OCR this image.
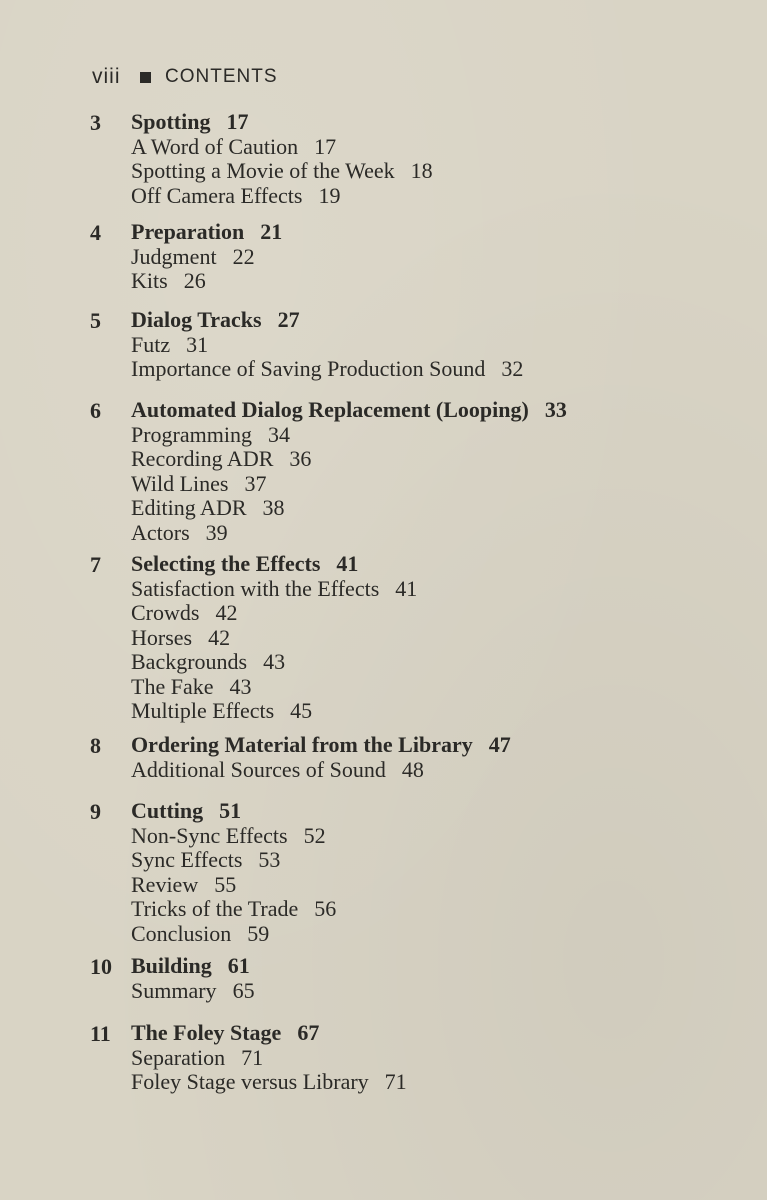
viii	CONTENTS
3	Spotting 17
A Word of Caution 17
Spotting a Movie of the Week 18
Off Camera Effects 19
4	Preparation 21
Judgment 22
Kits 26
5	Dialog Tracks 27
Futz 31
Importance of Saving Production Sound 32
6	Automated Dialog Replacement (Looping) 33
Programming 34
Recording ADR 36
Wild Lines 37
Editing ADR 38
Actors 39
7	Selecting the Effects 41
Satisfaction with the Effects 41
Crowds 42
Horses 42
Backgrounds 43
The Fake 43
Multiple Effects 45
8	Ordering Material from the Library 47
Additional Sources of Sound 48
9	Cutting 51
Non-Sync Effects 52
Sync Effects 53
Review 55
Tricks of the Trade 56
Conclusion 59
10 Building 61
Summary 65
11 The Foley Stage 67
Separation 71
Foley Stage versus Library 71
